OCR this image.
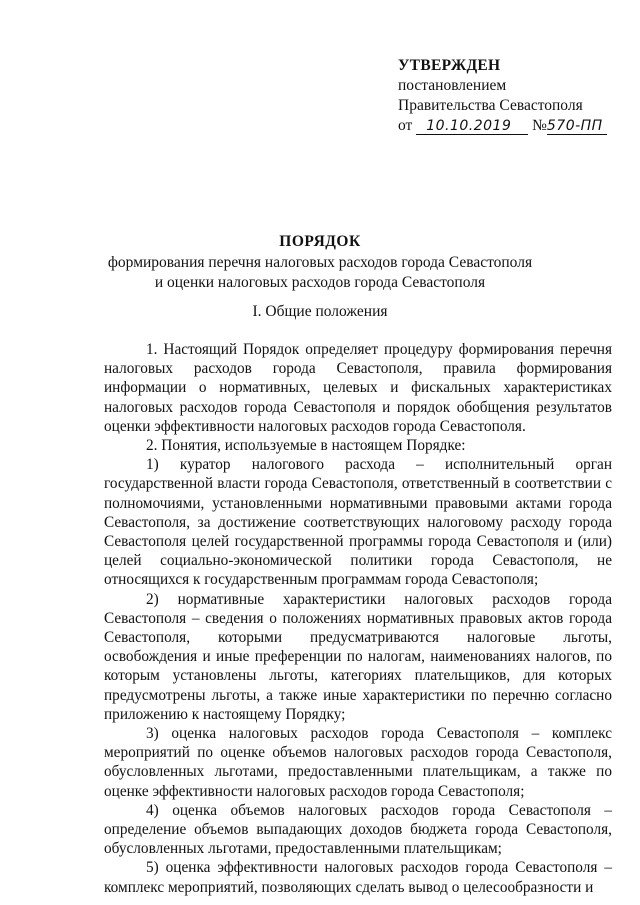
УТВЕРЖДЕН
постановлением
Правительства Севастополя
от 10.10.2019 №570-ПП
ПОРЯДОК
формирования перечня налоговых расходов города Севастополя
и оценки налоговых расходов города Севастополя
I. Общие положения

1. Настоящий Порядок определяет процедуру формирования перечня налоговых расходов города Севастополя, правила формирования информации о нормативных, целевых и фискальных характеристиках налоговых расходов города Севастополя и порядок обобщения результатов оценки эффективности налоговых расходов города Севастополя.

2. Понятия, используемые в настоящем Порядке:

1) куратор налогового расхода – исполнительный орган государственной власти города Севастополя, ответственный в соответствии с полномочиями, установленными нормативными правовыми актами города Севастополя, за достижение соответствующих налоговому расходу города Севастополя целей государственной программы города Севастополя и (или) целей социально-экономической политики города Севастополя, не относящихся к государственным программам города Севастополя;

2) нормативные характеристики налоговых расходов города Севастополя – сведения о положениях нормативных правовых актов города Севастополя, которыми предусматриваются налоговые льготы, освобождения и иные преференции по налогам, наименованиях налогов, по которым установлены льготы, категориях плательщиков, для которых предусмотрены льготы, а также иные характеристики по перечню согласно приложению к настоящему Порядку;

3) оценка налоговых расходов города Севастополя – комплекс мероприятий по оценке объемов налоговых расходов города Севастополя, обусловленных льготами, предоставленными плательщикам, а также по оценке эффективности налоговых расходов города Севастополя;

4) оценка объемов налоговых расходов города Севастополя – определение объемов выпадающих доходов бюджета города Севастополя, обусловленных льготами, предоставленными плательщикам;

5) оценка эффективности налоговых расходов города Севастополя – комплекс мероприятий, позволяющих сделать вывод о целесообразности и
